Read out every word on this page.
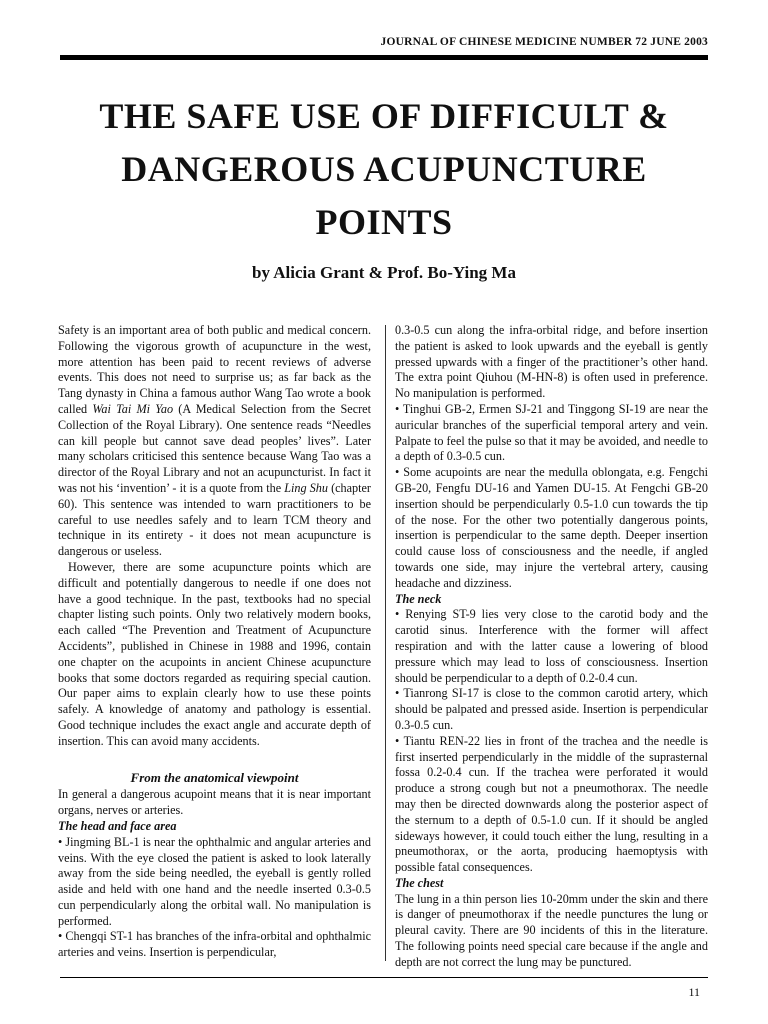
JOURNAL OF CHINESE MEDICINE NUMBER 72 JUNE 2003
THE SAFE USE OF DIFFICULT &
DANGEROUS ACUPUNCTURE
POINTS
by Alicia Grant & Prof. Bo-Ying Ma

Safety is an important area of both public and medical concern. Following the vigorous growth of acupuncture in the west, more attention has been paid to recent reviews of adverse events. This does not need to surprise us; as far back as the Tang dynasty in China a famous author Wang Tao wrote a book called Wai Tai Mi Yao (A Medical Selection from the Secret Collection of the Royal Library). One sentence reads “Needles can kill people but cannot save dead peoples’ lives”. Later many scholars criticised this sentence because Wang Tao was a director of the Royal Library and not an acupuncturist. In fact it was not his ‘invention’ - it is a quote from the Ling Shu (chapter 60). This sentence was intended to warn practitioners to be careful to use needles safely and to learn TCM theory and technique in its entirety - it does not mean acupuncture is dangerous or useless.

However, there are some acupuncture points which are difficult and potentially dangerous to needle if one does not have a good technique. In the past, textbooks had no special chapter listing such points. Only two relatively modern books, each called “The Prevention and Treatment of Acupuncture Accidents”, published in Chinese in 1988 and 1996, contain one chapter on the acupoints in ancient Chinese acupuncture books that some doctors regarded as requiring special caution. Our paper aims to explain clearly how to use these points safely. A knowledge of anatomy and pathology is essential. Good technique includes the exact angle and accurate depth of insertion. This can avoid many accidents.

From the anatomical viewpoint

In general a dangerous acupoint means that it is near important organs, nerves or arteries.

The head and face area

• Jingming BL-1 is near the ophthalmic and angular arteries and veins. With the eye closed the patient is asked to look laterally away from the side being needled, the eyeball is gently rolled aside and held with one hand and the needle inserted 0.3-0.5 cun perpendicularly along the orbital wall. No manipulation is performed.

• Chengqi ST-1 has branches of the infra-orbital and ophthalmic arteries and veins. Insertion is perpendicular,

0.3-0.5 cun along the infra-orbital ridge, and before insertion the patient is asked to look upwards and the eyeball is gently pressed upwards with a finger of the practitioner’s other hand. The extra point Qiuhou (M-HN-8) is often used in preference. No manipulation is performed.

• Tinghui GB-2, Ermen SJ-21 and Tinggong SI-19 are near the auricular branches of the superficial temporal artery and vein. Palpate to feel the pulse so that it may be avoided, and needle to a depth of 0.3-0.5 cun.

• Some acupoints are near the medulla oblongata, e.g. Fengchi GB-20, Fengfu DU-16 and Yamen DU-15. At Fengchi GB-20 insertion should be perpendicularly 0.5-1.0 cun towards the tip of the nose. For the other two potentially dangerous points, insertion is perpendicular to the same depth. Deeper insertion could cause loss of consciousness and the needle, if angled towards one side, may injure the vertebral artery, causing headache and dizziness.

The neck

• Renying ST-9 lies very close to the carotid body and the carotid sinus. Interference with the former will affect respiration and with the latter cause a lowering of blood pressure which may lead to loss of consciousness. Insertion should be perpendicular to a depth of 0.2-0.4 cun.

• Tianrong SI-17 is close to the common carotid artery, which should be palpated and pressed aside. Insertion is perpendicular 0.3-0.5 cun.

• Tiantu REN-22 lies in front of the trachea and the needle is first inserted perpendicularly in the middle of the suprasternal fossa 0.2-0.4 cun. If the trachea were perforated it would produce a strong cough but not a pneumothorax. The needle may then be directed downwards along the posterior aspect of the sternum to a depth of 0.5-1.0 cun. If it should be angled sideways however, it could touch either the lung, resulting in a pneumothorax, or the aorta, producing haemoptysis with possible fatal consequences.

The chest

The lung in a thin person lies 10-20mm under the skin and there is danger of pneumothorax if the needle punctures the lung or pleural cavity. There are 90 incidents of this in the literature. The following points need special care because if the angle and depth are not correct the lung may be punctured.

11
